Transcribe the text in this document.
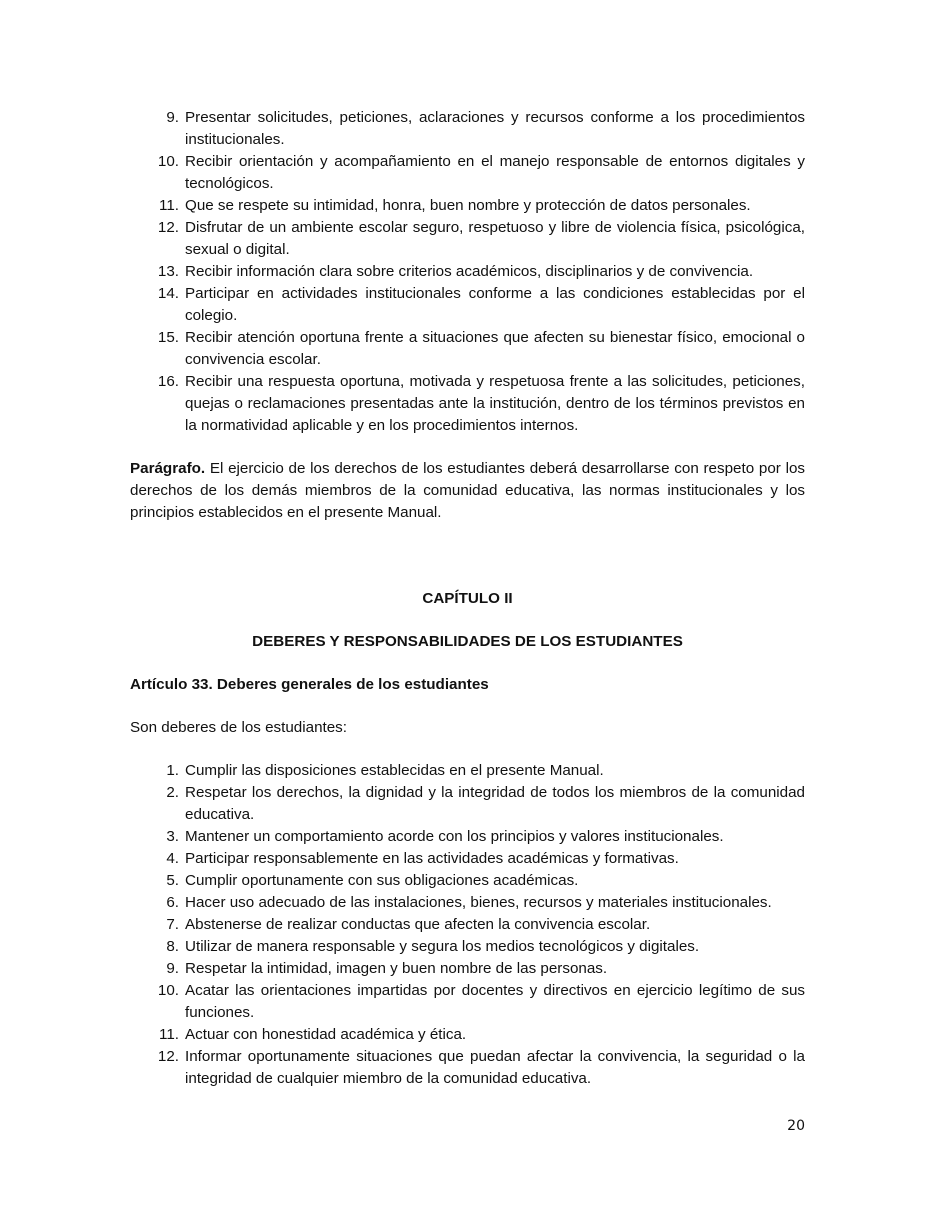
9. Presentar solicitudes, peticiones, aclaraciones y recursos conforme a los procedimientos institucionales.
10. Recibir orientación y acompañamiento en el manejo responsable de entornos digitales y tecnológicos.
11. Que se respete su intimidad, honra, buen nombre y protección de datos personales.
12. Disfrutar de un ambiente escolar seguro, respetuoso y libre de violencia física, psicológica, sexual o digital.
13. Recibir información clara sobre criterios académicos, disciplinarios y de convivencia.
14. Participar en actividades institucionales conforme a las condiciones establecidas por el colegio.
15. Recibir atención oportuna frente a situaciones que afecten su bienestar físico, emocional o convivencia escolar.
16. Recibir una respuesta oportuna, motivada y respetuosa frente a las solicitudes, peticiones, quejas o reclamaciones presentadas ante la institución, dentro de los términos previstos en la normatividad aplicable y en los procedimientos internos.

Parágrafo. El ejercicio de los derechos de los estudiantes deberá desarrollarse con respeto por los derechos de los demás miembros de la comunidad educativa, las normas institucionales y los principios establecidos en el presente Manual.

CAPÍTULO II

DEBERES Y RESPONSABILIDADES DE LOS ESTUDIANTES

Artículo 33. Deberes generales de los estudiantes

Son deberes de los estudiantes:

1. Cumplir las disposiciones establecidas en el presente Manual.
2. Respetar los derechos, la dignidad y la integridad de todos los miembros de la comunidad educativa.
3. Mantener un comportamiento acorde con los principios y valores institucionales.
4. Participar responsablemente en las actividades académicas y formativas.
5. Cumplir oportunamente con sus obligaciones académicas.
6. Hacer uso adecuado de las instalaciones, bienes, recursos y materiales institucionales.
7. Abstenerse de realizar conductas que afecten la convivencia escolar.
8. Utilizar de manera responsable y segura los medios tecnológicos y digitales.
9. Respetar la intimidad, imagen y buen nombre de las personas.
10. Acatar las orientaciones impartidas por docentes y directivos en ejercicio legítimo de sus funciones.
11. Actuar con honestidad académica y ética.
12. Informar oportunamente situaciones que puedan afectar la convivencia, la seguridad o la integridad de cualquier miembro de la comunidad educativa.
20
